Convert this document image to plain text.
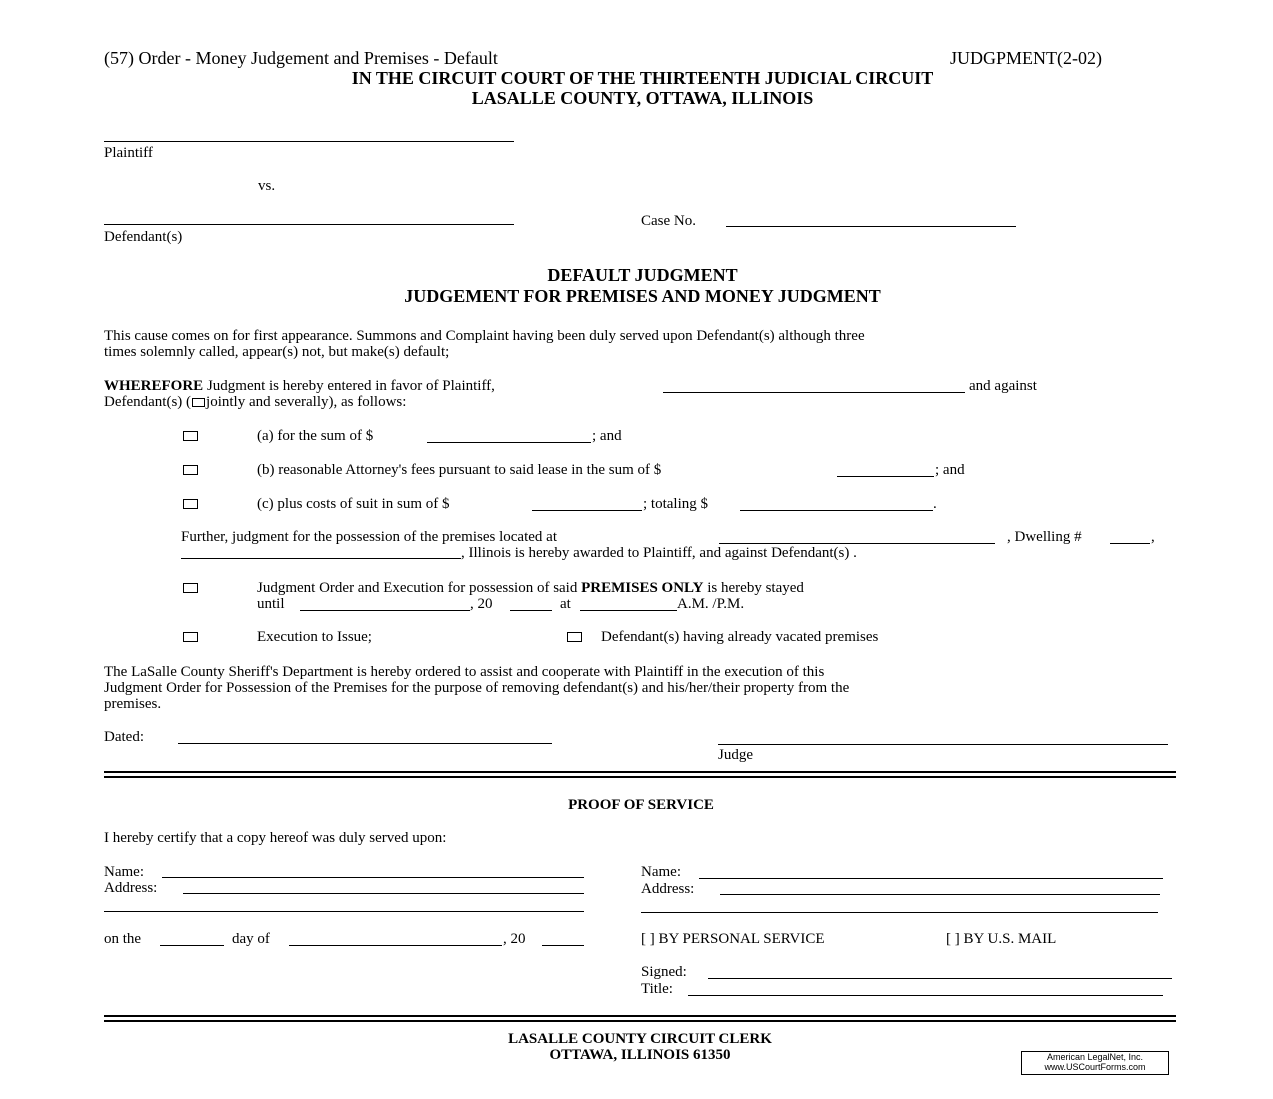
(57) Order - Money Judgement and Premises - Default	JUDGPMENT(2-02)
IN THE CIRCUIT COURT OF THE THIRTEENTH JUDICIAL CIRCUIT
LASALLE COUNTY, OTTAWA, ILLINOIS
Plaintiff
vs.
Defendant(s)
Case No.
DEFAULT JUDGMENT
JUDGEMENT FOR PREMISES AND MONEY JUDGMENT
This cause comes on for first appearance. Summons and Complaint having been duly served upon Defendant(s) although three
times solemnly called, appear(s) not, but make(s) default;
WHEREFORE Judgment is hereby entered in favor of Plaintiff,	and against
Defendant(s) ( jointly and severally), as follows:
(a) for the sum of $	; and
(b) reasonable Attorney's fees pursuant to said lease in the sum of $	; and
(c) plus costs of suit in sum of $	; totaling $	.
Further, judgment for the possession of the premises located at	, Dwelling #	,
, Illinois is hereby awarded to Plaintiff, and against Defendant(s) .
Judgment Order and Execution for possession of said PREMISES ONLY is hereby stayed
until	, 20	at	A.M. /P.M.
Execution to Issue;	Defendant(s) having already vacated premises
The LaSalle County Sheriff's Department is hereby ordered to assist and cooperate with Plaintiff in the execution of this
Judgment Order for Possession of the Premises for the purpose of removing defendant(s) and his/her/their property from the
premises.
Dated:
Judge
PROOF OF SERVICE
I hereby certify that a copy hereof was duly served upon:
Name:
Address:
Name:
Address:
on the	day of	, 20	[ ] BY PERSONAL SERVICE	[ ] BY U.S. MAIL
Signed:
Title:
LASALLE COUNTY CIRCUIT CLERK
OTTAWA, ILLINOIS 61350	American LegalNet, Inc.
www.USCourtForms.com
